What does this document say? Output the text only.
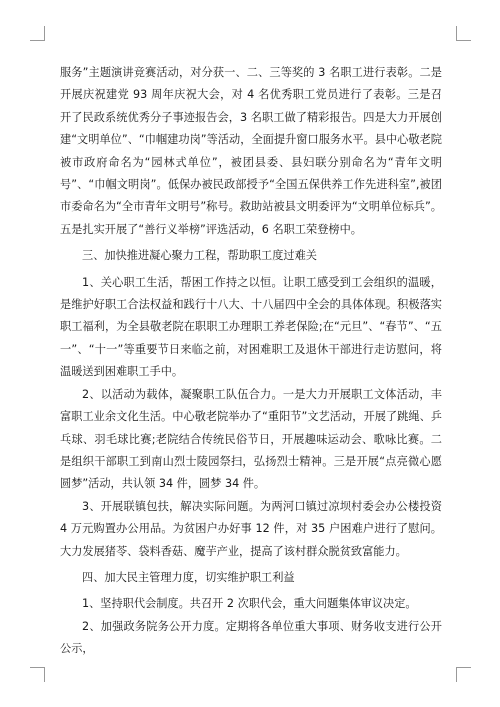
服务”主题演讲竞赛活动，对分获一、二、三等奖的 3 名职工进行表彰。二是开展庆祝建党 93 周年庆祝大会，对 4 名优秀职工党员进行了表彰。三是召开了民政系统优秀分子事迹报告会，3 名职工做了精彩报告。四是大力开展创建“文明单位”、“巾帼建功岗”等活动，全面提升窗口服务水平。县中心敬老院被市政府命名为“园林式单位”，被团县委、县妇联分别命名为“青年文明号”、“巾帼文明岗”。低保办被民政部授予“全国五保供养工作先进科室”,被团市委命名为“全市青年文明号”称号。救助站被县文明委评为“文明单位标兵”。五是扎实开展了“善行义举榜”评选活动，6 名职工荣登榜中。

三、加快推进凝心聚力工程，帮助职工度过难关

1、关心职工生活，帮困工作持之以恒。让职工感受到工会组织的温暖，是维护好职工合法权益和践行十八大、十八届四中全会的具体体现。积极落实职工福利，为全县敬老院在职职工办理职工养老保险;在“元旦”、“春节”、“五一”、“十一”等重要节日来临之前，对困难职工及退休干部进行走访慰问，将温暖送到困难职工手中。

2、以活动为载体，凝聚职工队伍合力。一是大力开展职工文体活动，丰富职工业余文化生活。中心敬老院举办了“重阳节”文艺活动，开展了跳绳、乒乓球、羽毛球比赛;老院结合传统民俗节日，开展趣味运动会、歌咏比赛。二是组织干部职工到南山烈士陵园祭扫，弘扬烈士精神。三是开展“点亮微心愿圆梦”活动，共认领 34 件，圆梦 34 件。

3、开展联镇包扶，解决实际问题。为两河口镇过凉坝村委会办公楼投资 4 万元购置办公用品。为贫困户办好事 12 件，对 35 户困难户进行了慰问。大力发展猪苓、袋料香菇、魔芋产业，提高了该村群众脱贫致富能力。

四、加大民主管理力度，切实维护职工利益

1、坚持职代会制度。共召开 2 次职代会，重大问题集体审议决定。

2、加强政务院务公开力度。定期将各单位重大事项、财务收支进行公开公示，
